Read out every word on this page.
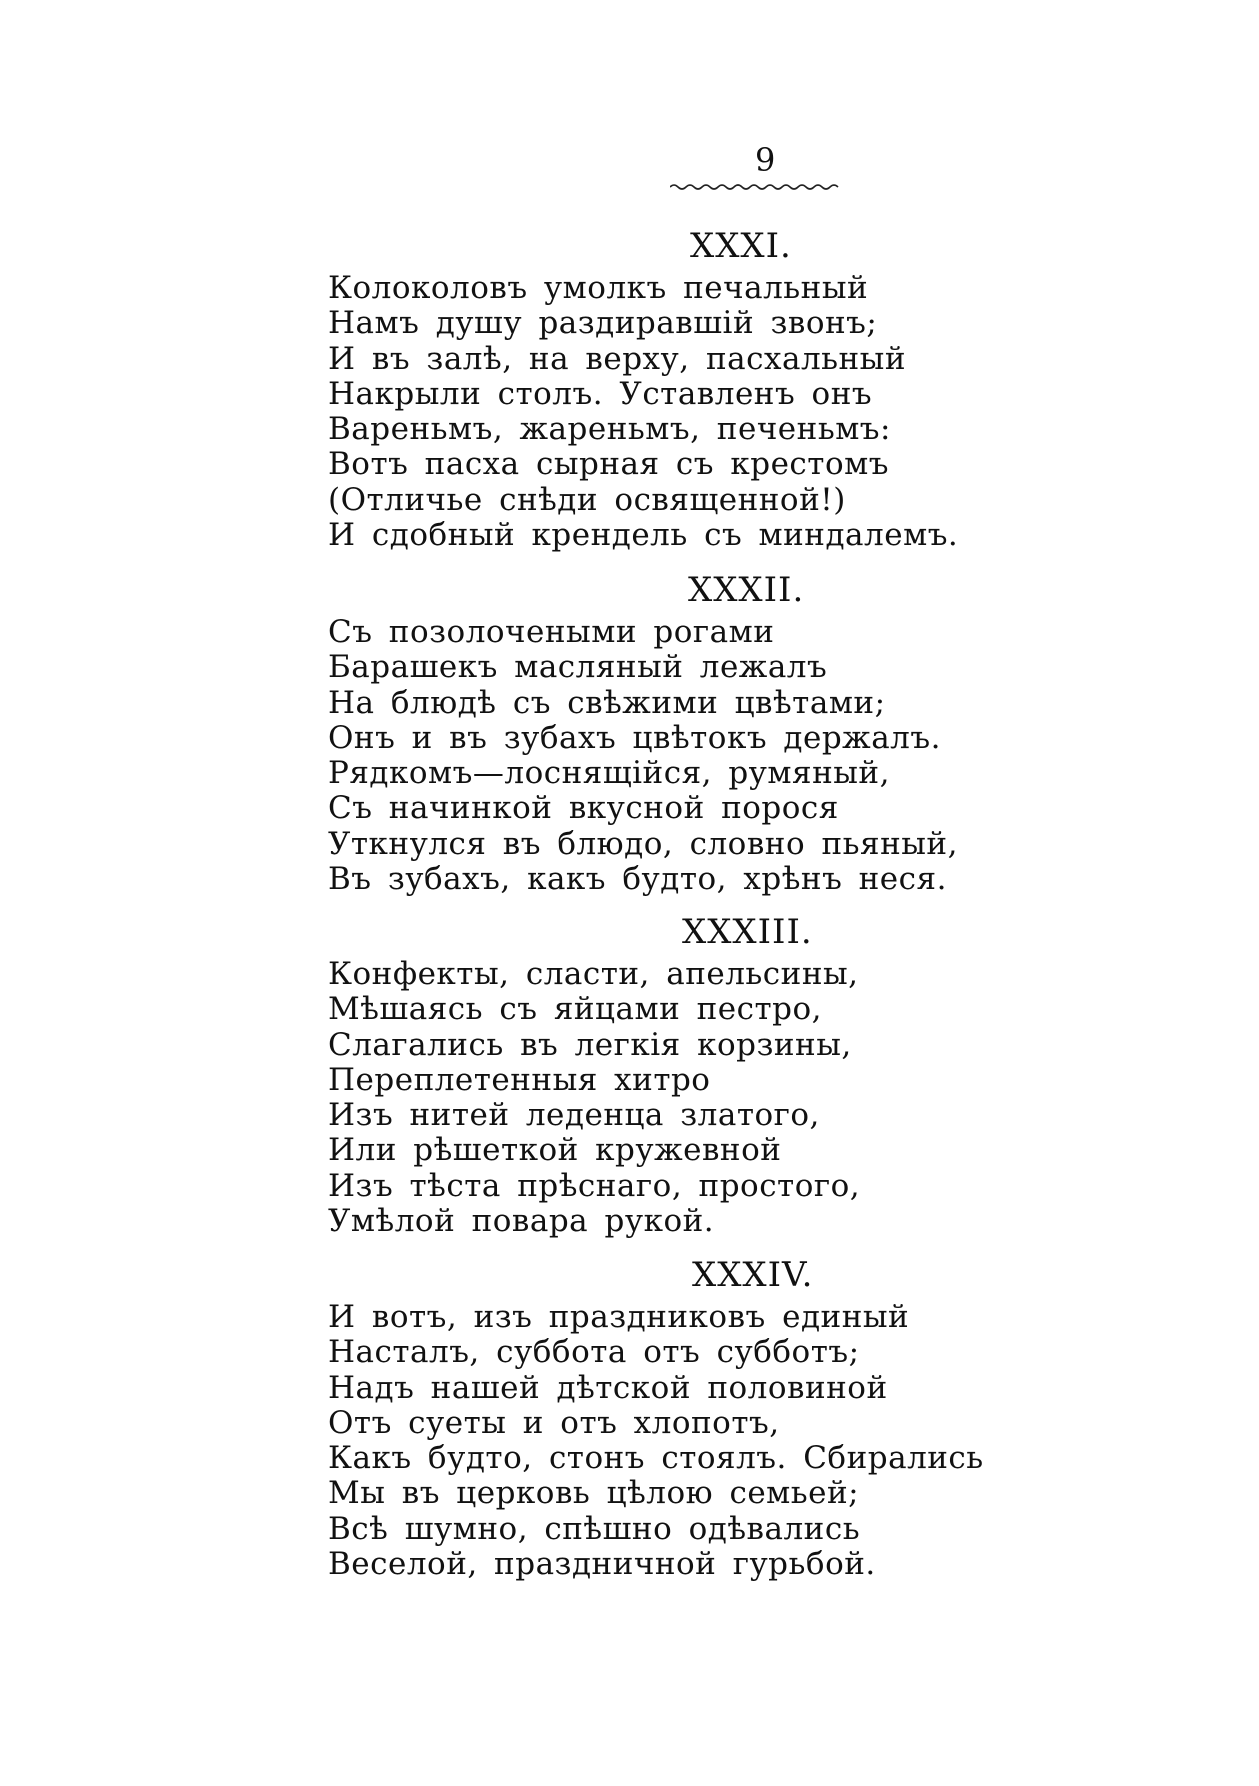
9
XXXI.
Колоколовъ умолкъ печальный
Намъ душу раздиравшій звонъ;
И въ залѣ, на верху, пасхальный
Накрыли столъ. Уставленъ онъ
Вареньмъ, жареньмъ, печеньмъ:
Вотъ пасха сырная съ крестомъ
(Отличье снѣди освященной!)
И сдобный крендель съ миндалемъ.
XXXII.
Съ позолочеными рогами
Барашекъ масляный лежалъ
На блюдѣ съ свѣжими цвѣтами;
Онъ и въ зубахъ цвѣтокъ держалъ.
Рядкомъ—лоснящійся, румяный,
Съ начинкой вкусной порося
Уткнулся въ блюдо, словно пьяный,
Въ зубахъ, какъ будто, хрѣнъ неся.
XXXIII.
Конфекты, сласти, апельсины,
Мѣшаясь съ яйцами пестро,
Слагались въ легкія корзины,
Переплетенныя хитро
Изъ нитей леденца златого,
Или рѣшеткой кружевной
Изъ тѣста прѣснаго, простого,
Умѣлой повара рукой.
XXXIV.
И вотъ, изъ праздниковъ единый
Насталъ, суббота отъ субботъ;
Надъ нашей дѣтской половиной
Отъ суеты и отъ хлопотъ,
Какъ будто, стонъ стоялъ. Сбирались
Мы въ церковь цѣлою семьей;
Всѣ шумно, спѣшно одѣвались
Веселой, праздничной гурьбой.
